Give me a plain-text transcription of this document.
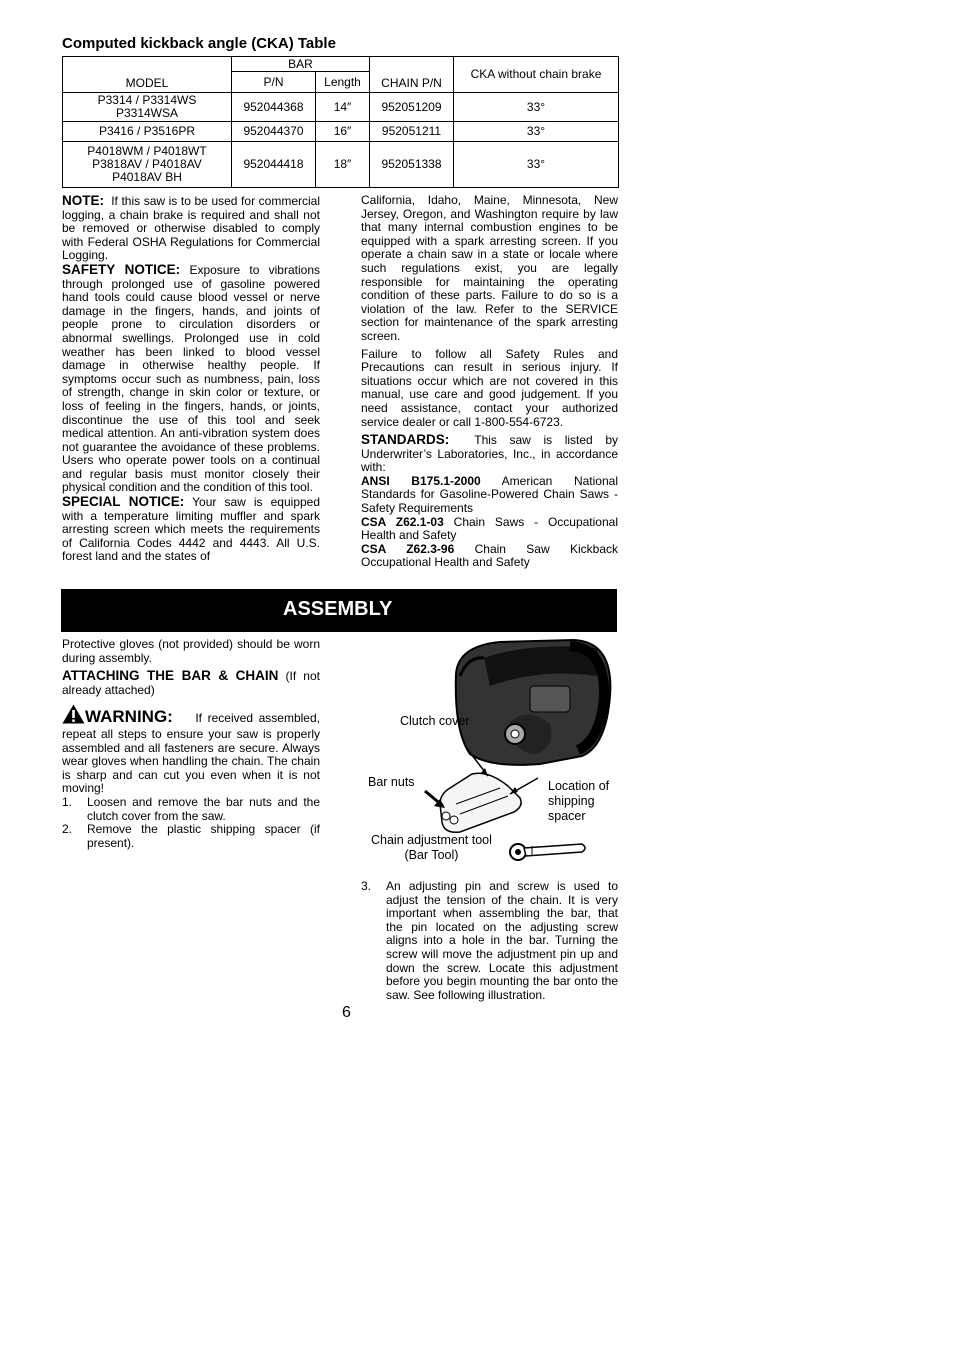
Computed kickback angle (CKA) Table
MODEL	BAR		CHAIN P/N	CKA without chain brake
	P/N	Length		

P3314 / P3314WS
P3314WSA	952044368	14″	952051209	33°

P3416 / P3516PR	952044370	16″	952051211	33°

P4018WM / P4018WT
P3818AV / P4018AV
P4018AV BH	952044418	18″	952051338	33°

NOTE: If this saw is to be used for commercial logging, a chain brake is required and shall not be removed or otherwise disabled to comply with Federal OSHA Regulations for Commercial Logging.

SAFETY NOTICE: Exposure to vibrations through prolonged use of gasoline powered hand tools could cause blood vessel or nerve damage in the fingers, hands, and joints of people prone to circulation disorders or abnormal swellings. Prolonged use in cold weather has been linked to blood vessel damage in otherwise healthy people. If symptoms occur such as numbness, pain, loss of strength, change in skin color or texture, or loss of feeling in the fingers, hands, or joints, discontinue the use of this tool and seek medical attention. An anti-vibration system does not guarantee the avoidance of these problems. Users who operate power tools on a continual and regular basis must monitor closely their physical condition and the condition of this tool.

SPECIAL NOTICE: Your saw is equipped with a temperature limiting muffler and spark arresting screen which meets the requirements of California Codes 4442 and 4443. All U.S. forest land and the states of

California, Idaho, Maine, Minnesota, New Jersey, Oregon, and Washington require by law that many internal combustion engines to be equipped with a spark arresting screen. If you operate a chain saw in a state or locale where such regulations exist, you are legally responsible for maintaining the operating condition of these parts. Failure to do so is a violation of the law. Refer to the SERVICE section for maintenance of the spark arresting screen.

Failure to follow all Safety Rules and Precautions can result in serious injury. If situations occur which are not covered in this manual, use care and good judgement. If you need assistance, contact your authorized service dealer or call 1-800-554-6723.

STANDARDS: This saw is listed by Underwriter’s Laboratories, Inc., in accordance with:

ANSI B175.1-2000 American National Standards for Gasoline-Powered Chain Saws - Safety Requirements

CSA Z62.1-03 Chain Saws - Occupational Health and Safety

CSA Z62.3-96 Chain Saw Kickback Occupational Health and Safety

ASSEMBLY

Protective gloves (not provided) should be worn during assembly.

ATTACHING THE BAR & CHAIN (If not already attached)

WARNING: If received assembled, repeat all steps to ensure your saw is properly assembled and all fasteners are secure. Always wear gloves when handling the chain. The chain is sharp and can cut you even when it is not moving!

1. Loosen and remove the bar nuts and the clutch cover from the saw.
2. Remove the plastic shipping spacer (if present).
Clutch cover
Bar nuts	Location of shipping spacer
Chain adjustment tool
(Bar Tool)
3. An adjusting pin and screw is used to adjust the tension of the chain. It is very important when assembling the bar, that the pin located on the adjusting screw aligns into a hole in the bar. Turning the screw will move the adjustment pin up and down the screw. Locate this adjustment before you begin mounting the bar onto the saw. See following illustration.
6
